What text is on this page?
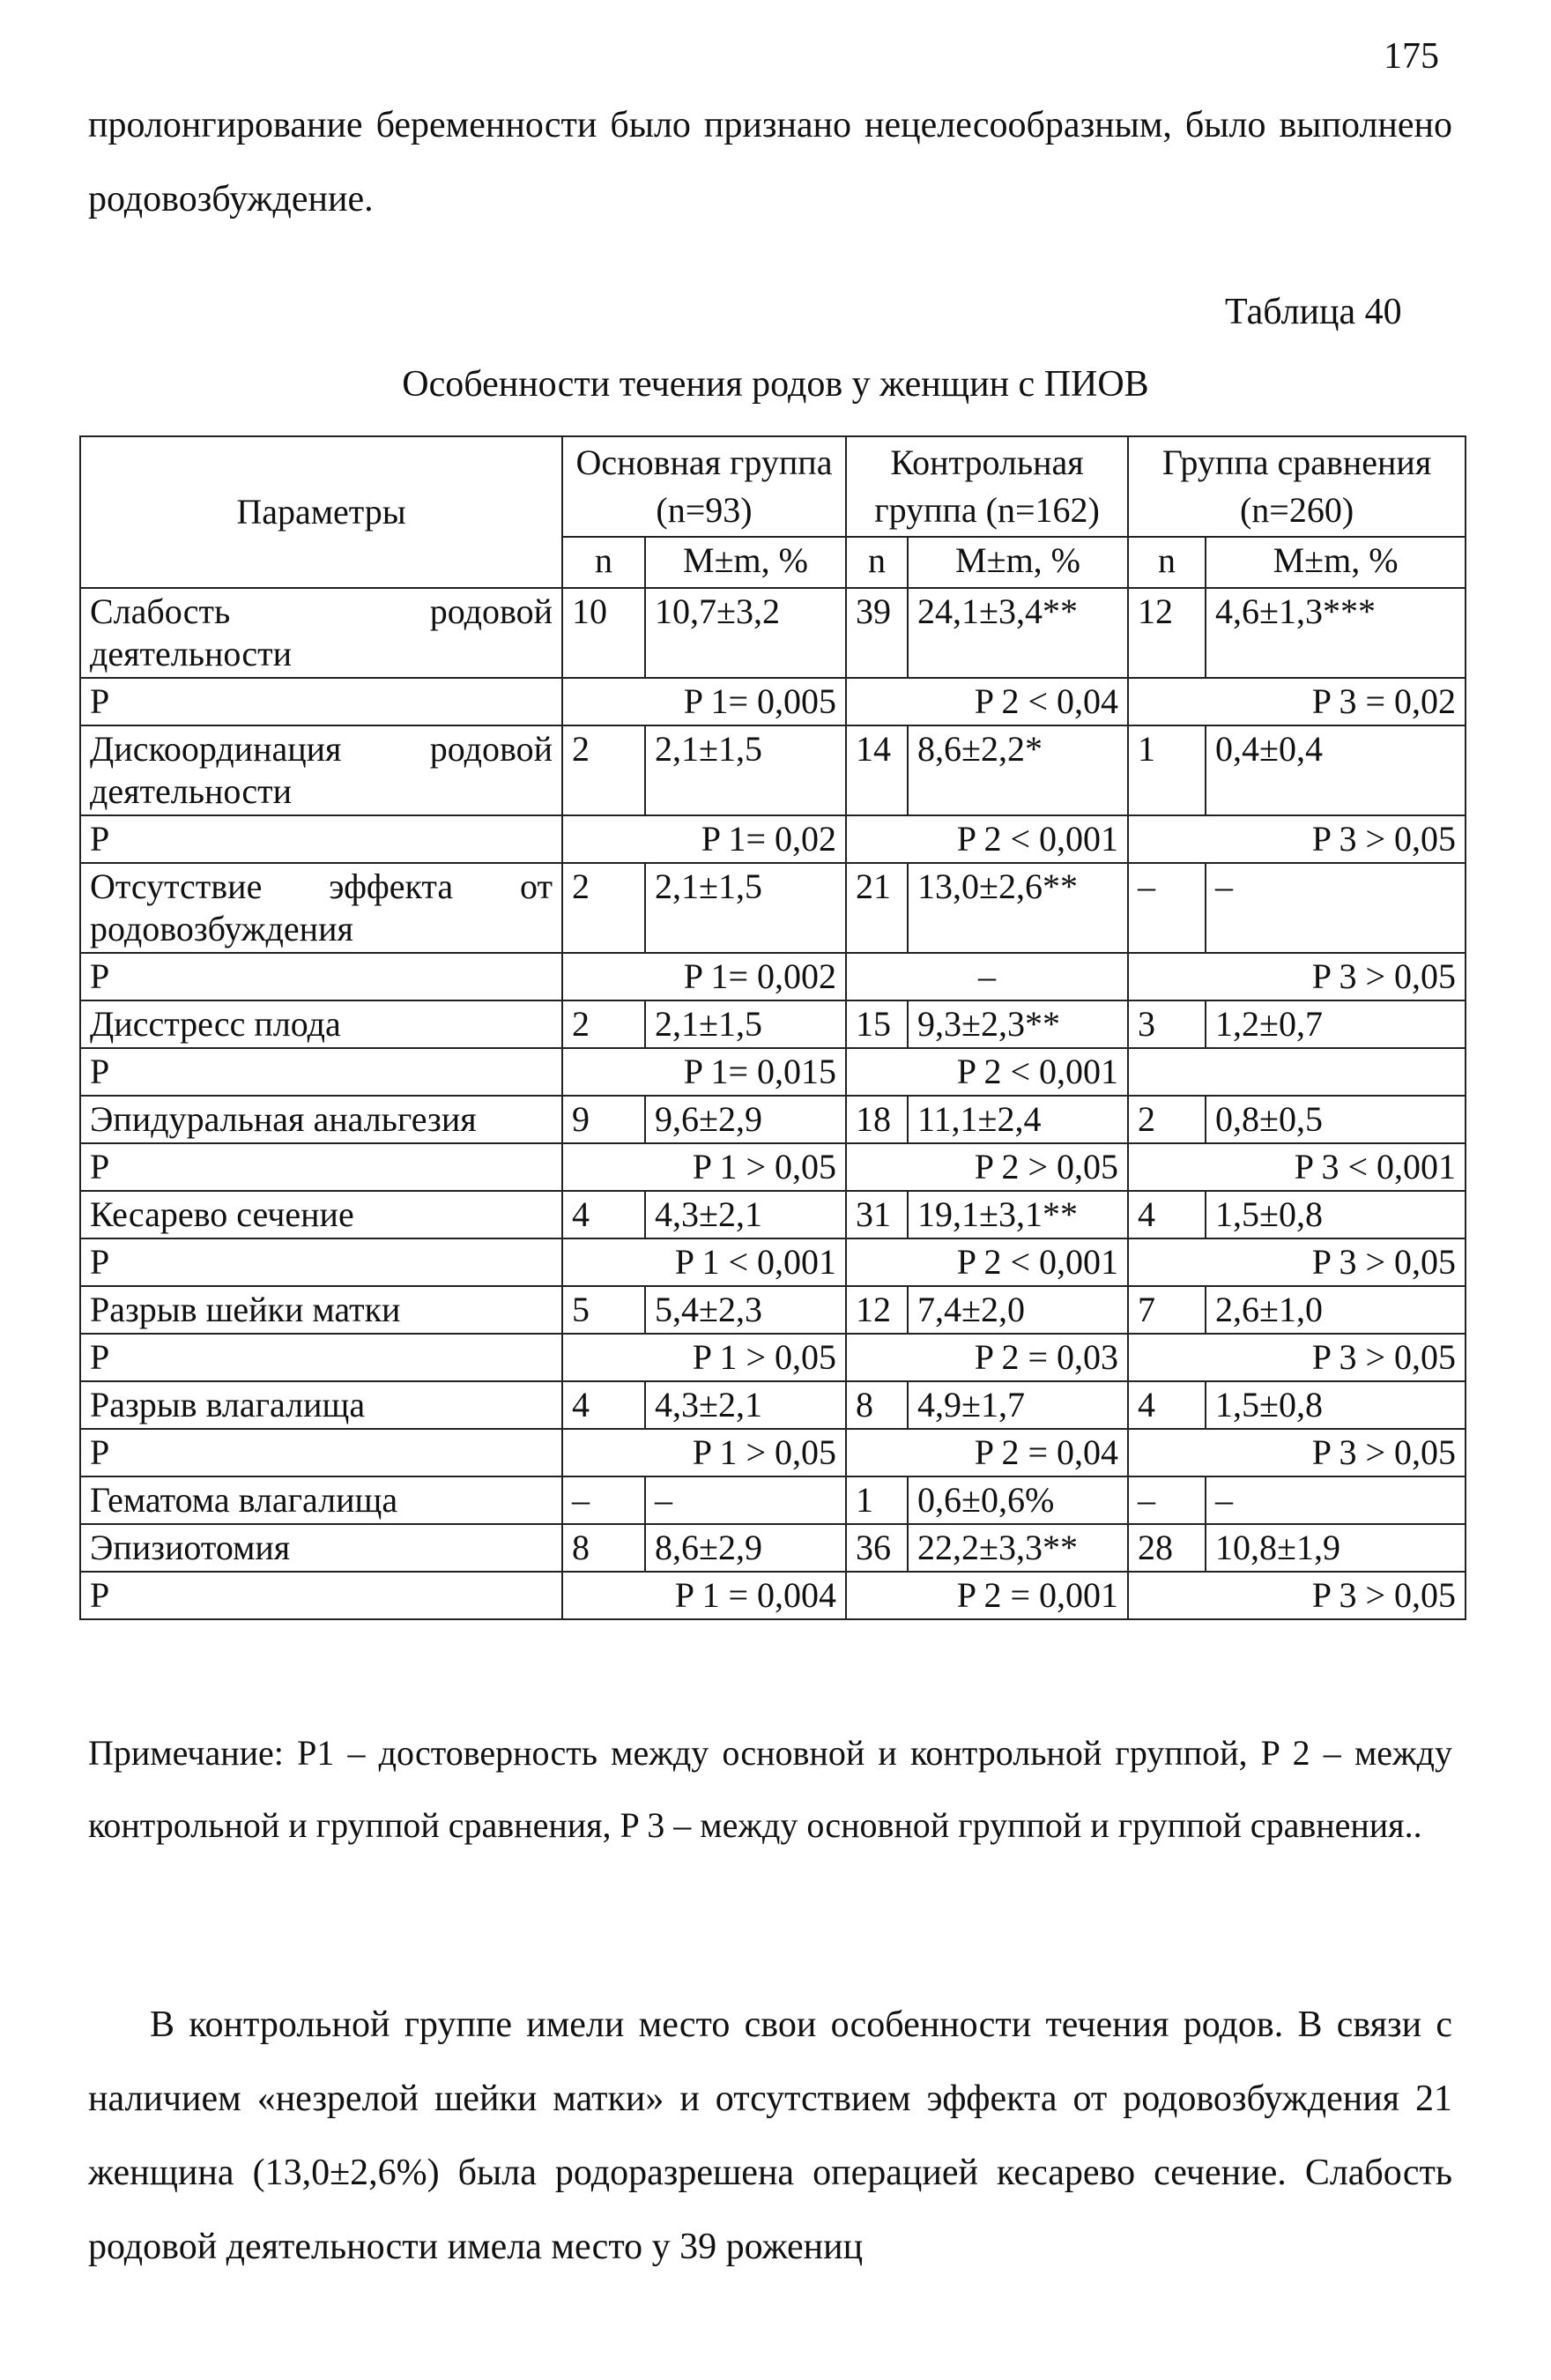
175

пролонгирование беременности было признано нецелесообразным, было выполнено родовозбуждение.

Таблица 40
Особенности течения родов у женщин с ПИОВ
Параметры	Основная группа (n=93)		Контрольная группа (n=162)		Группа сравнения (n=260)	
	n	M±m, %	n	M±m, %	n	M±m, %
Слабость родовой деятельности	10	10,7±3,2	39	24,1±3,4**	12	4,6±1,3***
P	P 1= 0,005		P 2 < 0,04		P 3 = 0,02	
Дискоординация родовой деятельности	2	2,1±1,5	14	8,6±2,2*	1	0,4±0,4
P	P 1= 0,02		P 2 < 0,001		P 3 > 0,05	
Отсутствие эффекта от родовозбуждения	2	2,1±1,5	21	13,0±2,6**	–	–
P	P 1= 0,002		–		P 3 > 0,05	
Дисстресс плода	2	2,1±1,5	15	9,3±2,3**	3	1,2±0,7
P	P 1= 0,015		P 2 < 0,001			
Эпидуральная анальгезия	9	9,6±2,9	18	11,1±2,4	2	0,8±0,5
P	P 1 > 0,05		P 2 > 0,05		P 3 < 0,001	
Кесарево сечение	4	4,3±2,1	31	19,1±3,1**	4	1,5±0,8
P	P 1 < 0,001		P 2 < 0,001		P 3 > 0,05	
Разрыв шейки матки	5	5,4±2,3	12	7,4±2,0	7	2,6±1,0
P	P 1 > 0,05		P 2 = 0,03		P 3 > 0,05	
Разрыв влагалища	4	4,3±2,1	8	4,9±1,7	4	1,5±0,8
P	P 1 > 0,05		P 2 = 0,04		P 3 > 0,05	
Гематома влагалища	–	–	1	0,6±0,6%	–	–
Эпизиотомия	8	8,6±2,9	36	22,2±3,3**	28	10,8±1,9
P	P 1 = 0,004		P 2 = 0,001		P 3 > 0,05	

Примечание: P1 – достоверность между основной и контрольной группой, P 2 – между контрольной и группой сравнения, P 3 – между основной группой и группой сравнения..

В контрольной группе имели место свои особенности течения родов. В связи с наличием «незрелой шейки матки» и отсутствием эффекта от родовозбуждения 21 женщина (13,0±2,6%) была родоразрешена операцией кесарево сечение. Слабость родовой деятельности имела место у 39 рожениц
